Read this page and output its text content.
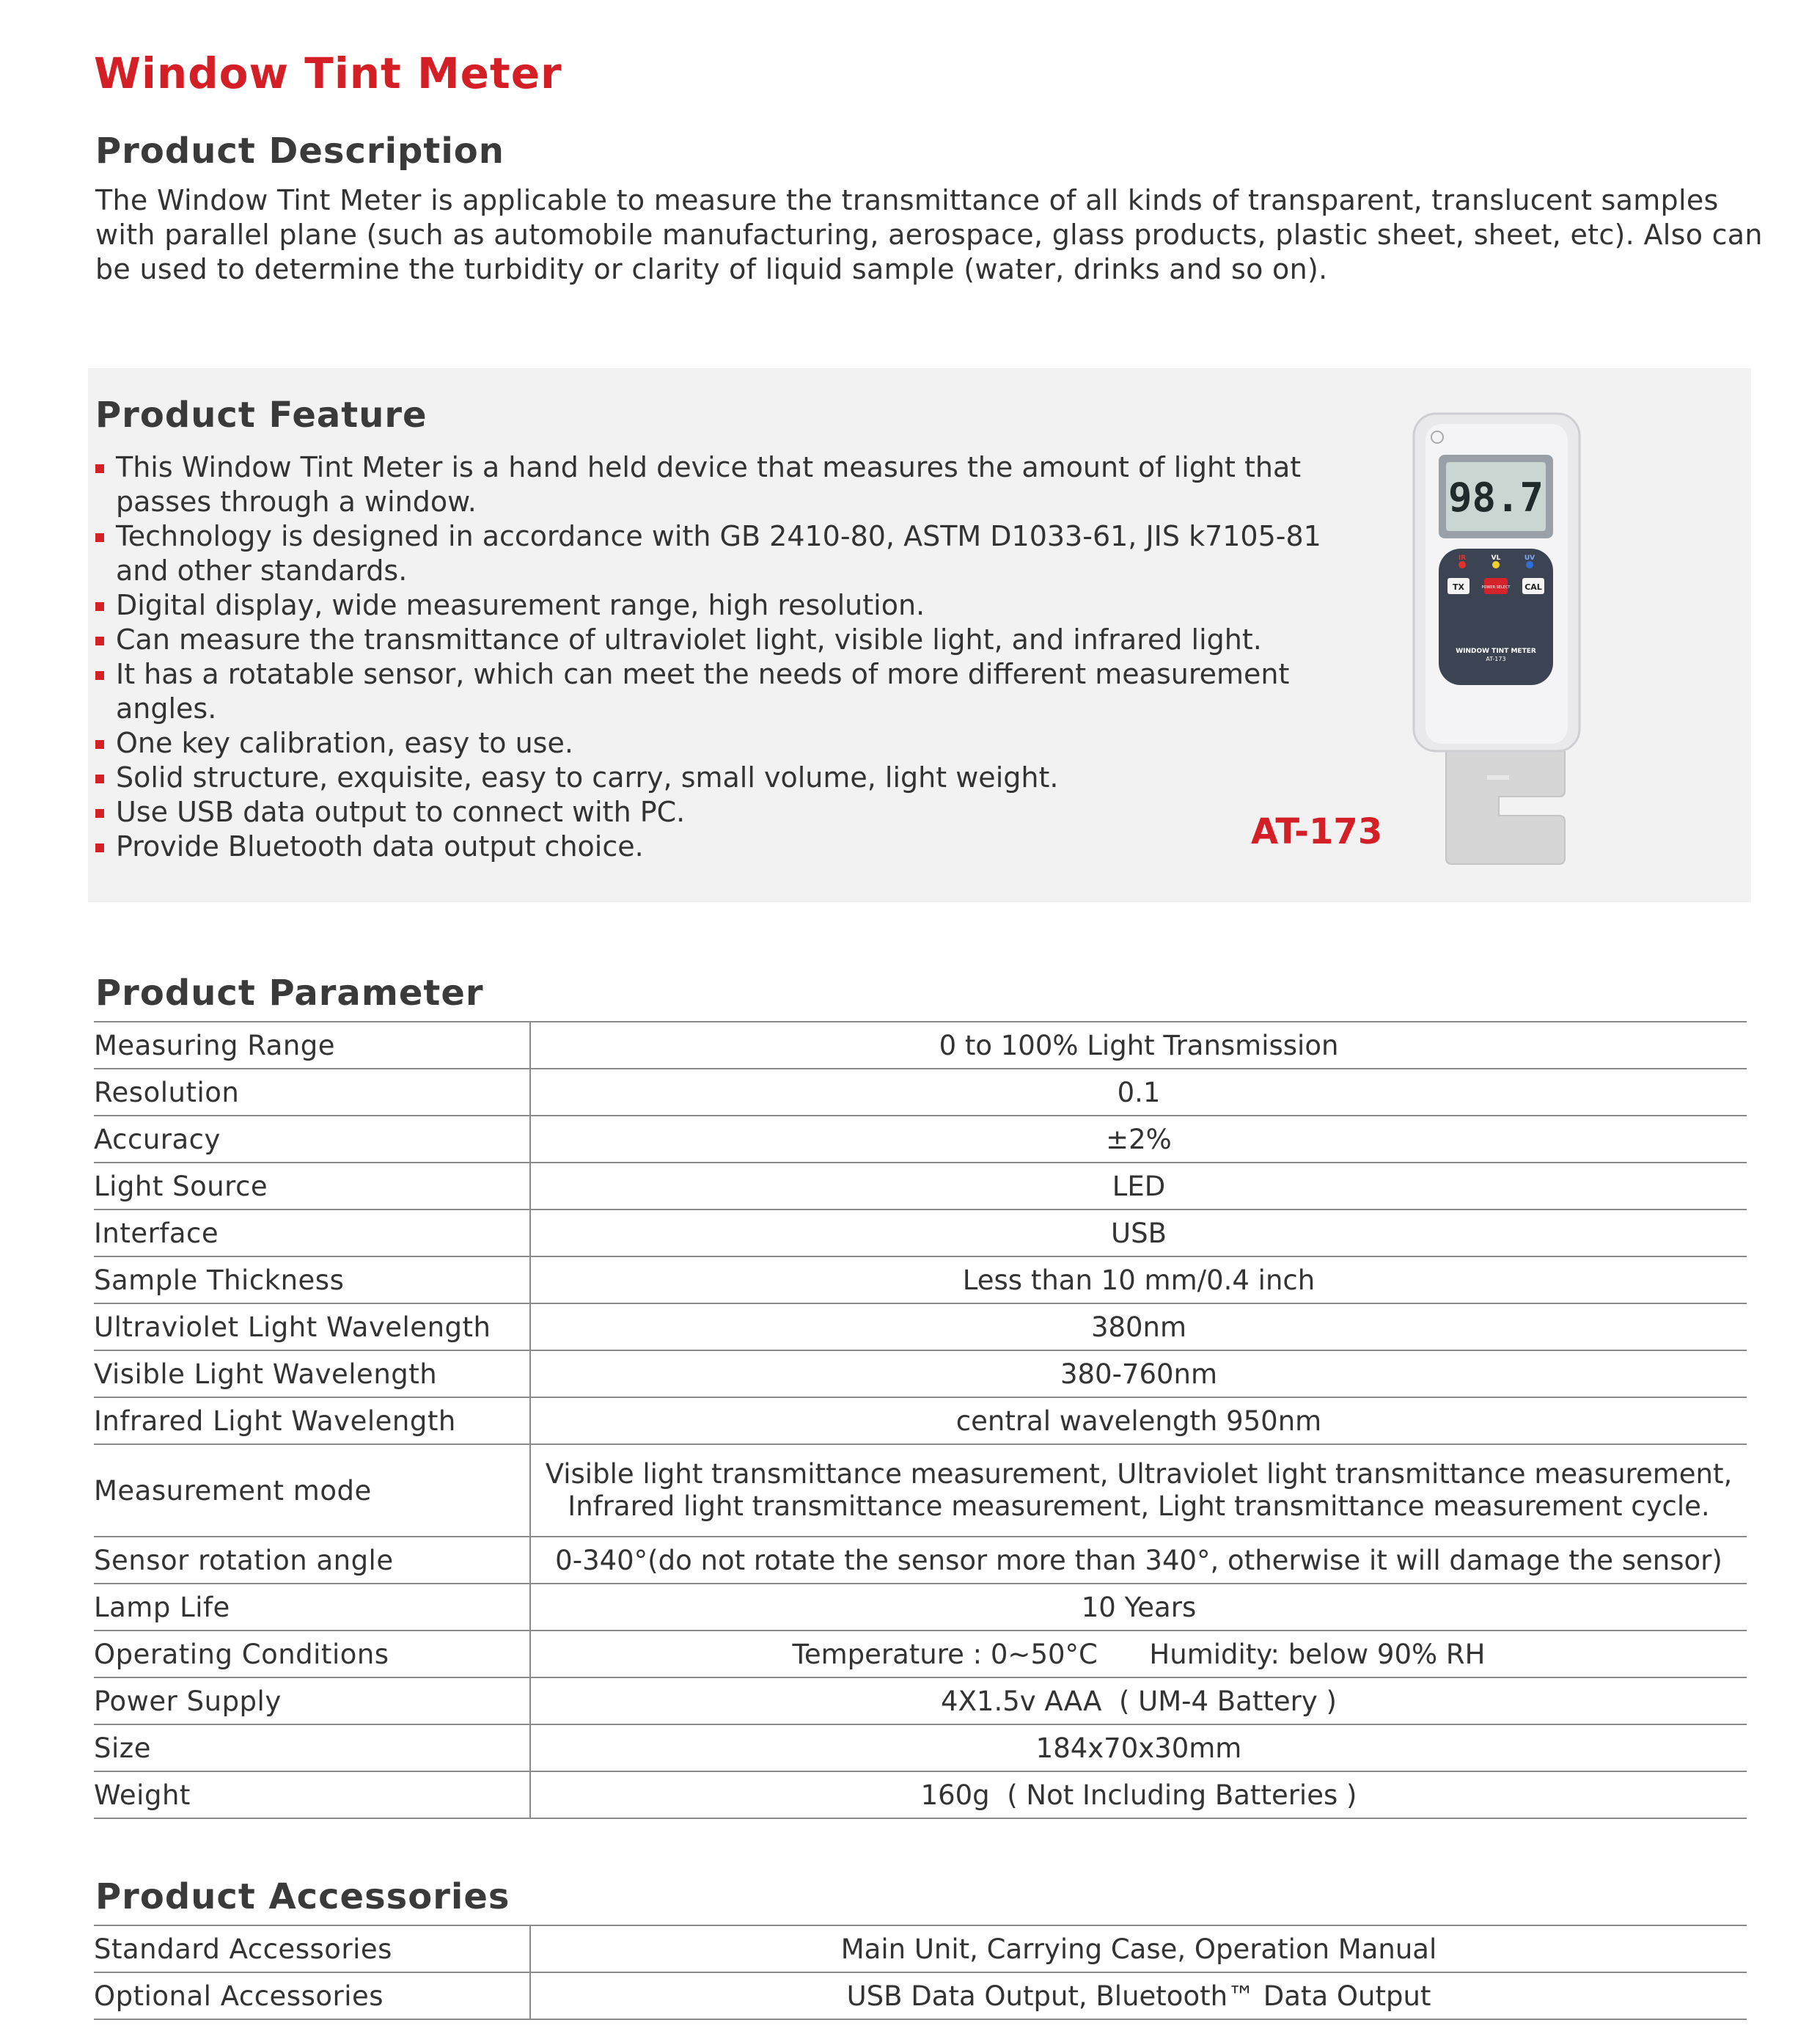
Window Tint Meter
Product Description

The Window Tint Meter is applicable to measure the transmittance of all kinds of transparent, translucent samples with parallel plane (such as automobile manufacturing, aerospace, glass products, plastic sheet, sheet, etc). Also can be used to determine the turbidity or clarity of liquid sample (water, drinks and so on).

Product Feature
This Window Tint Meter is a hand held device that measures the amount of light that passes through a window.
Technology is designed in accordance with GB 2410-80, ASTM D1033-61, JIS k7105-81 and other standards.
Digital display, wide measurement range, high resolution.
Can measure the transmittance of ultraviolet light, visible light, and infrared light.
It has a rotatable sensor, which can meet the needs of more different measurement angles.
One key calibration, easy to use.
Solid structure, exquisite, easy to carry, small volume, light weight.
Use USB data output to connect with PC.
Provide Bluetooth data output choice.	AT-173
98.7
IR	VL	UV
TX	POWER SELECT CAL
WINDOW TINT METER
AT-173
Product Parameter
Measuring Range	0 to 100% Light Transmission
Resolution	0.1
Accuracy	±2%
Light Source	LED
Interface	USB
Sample Thickness	Less than 10 mm/0.4 inch
Ultraviolet Light Wavelength	380nm
Visible Light Wavelength	380-760nm
Infrared Light Wavelength	central wavelength 950nm
Measurement mode	Visible light transmittance measurement, Ultraviolet light transmittance measurement,
Infrared light transmittance measurement, Light transmittance measurement cycle.

Sensor rotation angle	0-340°(do not rotate the sensor more than 340°, otherwise it will damage the sensor)
Lamp Life	10 Years
Operating Conditions	Temperature : 0~50°C      Humidity: below 90% RH
Power Supply	4X1.5v AAA  ( UM-4 Battery )
Size	184x70x30mm
Weight	160g  ( Not Including Batteries )
Product Accessories
Standard Accessories	Main Unit, Carrying Case, Operation Manual
Optional Accessories	USB Data Output, Bluetooth™ Data Output
